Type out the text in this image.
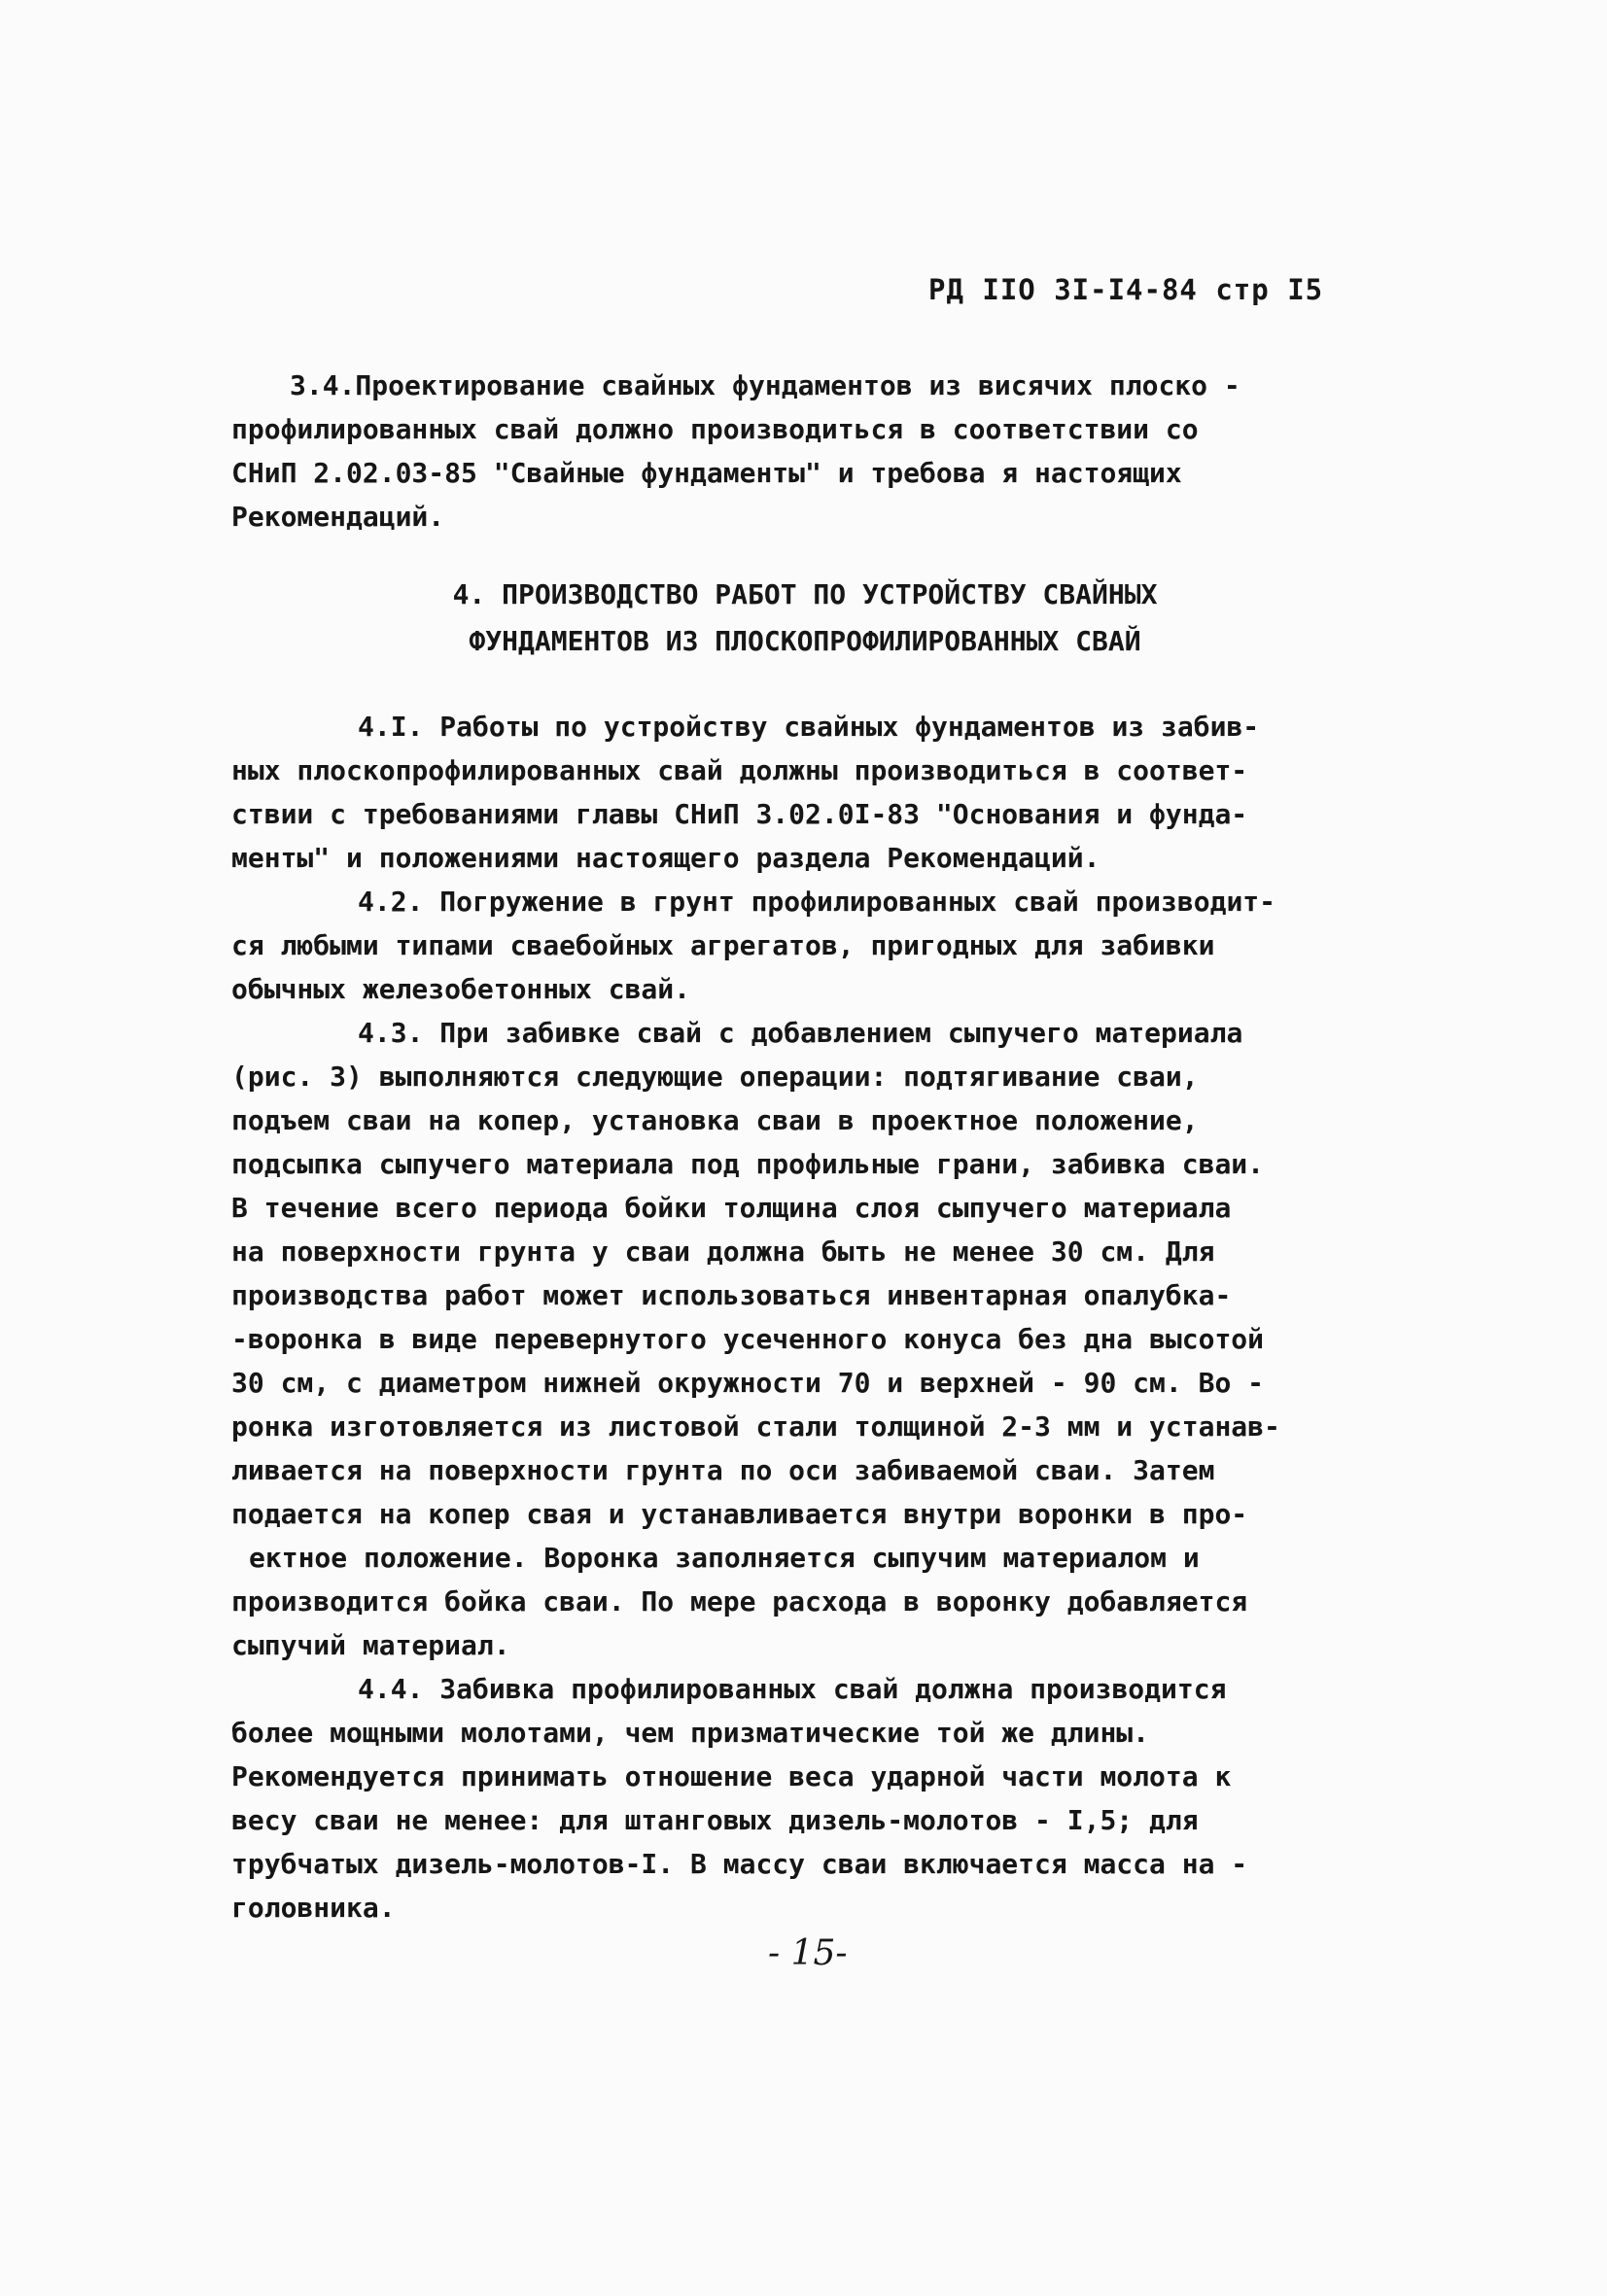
РД IIО 3I-I4-84 стр I5
3.4.Проектирование свайных фундаментов из висячих плоско -
профилированных свай должно производиться в соответствии со
СНиП 2.02.03-85 "Свайные фундаменты" и требова я настоящих
Рекомендаций.
4. ПРОИЗВОДСТВО РАБОТ ПО УСТРОЙСТВУ СВАЙНЫХ
ФУНДАМЕНТОВ ИЗ ПЛОСКОПРОФИЛИРОВАННЫХ СВАЙ
4.I. Работы по устройству свайных фундаментов из забив-
ных плоскопрофилированных свай должны производиться в соответ-
ствии с требованиями главы СНиП 3.02.0I-83 "Основания и фунда-
менты" и положениями настоящего раздела Рекомендаций.
4.2. Погружение в грунт профилированных свай производит-
ся любыми типами сваебойных агрегатов, пригодных для забивки
обычных железобетонных свай.
4.3. При забивке свай с добавлением сыпучего материала
(рис. 3) выполняются следующие операции: подтягивание сваи,
подъем сваи на копер, установка сваи в проектное положение,
подсыпка сыпучего материала под профильные грани, забивка сваи.
В течение всего периода бойки толщина слоя сыпучего материала
на поверхности грунта у сваи должна быть не менее 30 см. Для
производства работ может использоваться инвентарная опалубка-
-воронка в виде перевернутого усеченного конуса без дна высотой
30 см, с диаметром нижней окружности 70 и верхней - 90 см. Во -
ронка изготовляется из листовой стали толщиной 2-3 мм и устанав-
ливается на поверхности грунта по оси забиваемой сваи. Затем
подается на копер свая и устанавливается внутри воронки в про-
ектное положение. Воронка заполняется сыпучим материалом и
производится бойка сваи. По мере расхода в воронку добавляется
сыпучий материал.
4.4. Забивка профилированных свай должна производится
более мощными молотами, чем призматические той же длины.
Рекомендуется принимать отношение веса ударной части молота к
весу сваи не менее: для штанговых дизель-молотов - I,5; для
трубчатых дизель-молотов-I. В массу сваи включается масса на -
головника.
- 15-
